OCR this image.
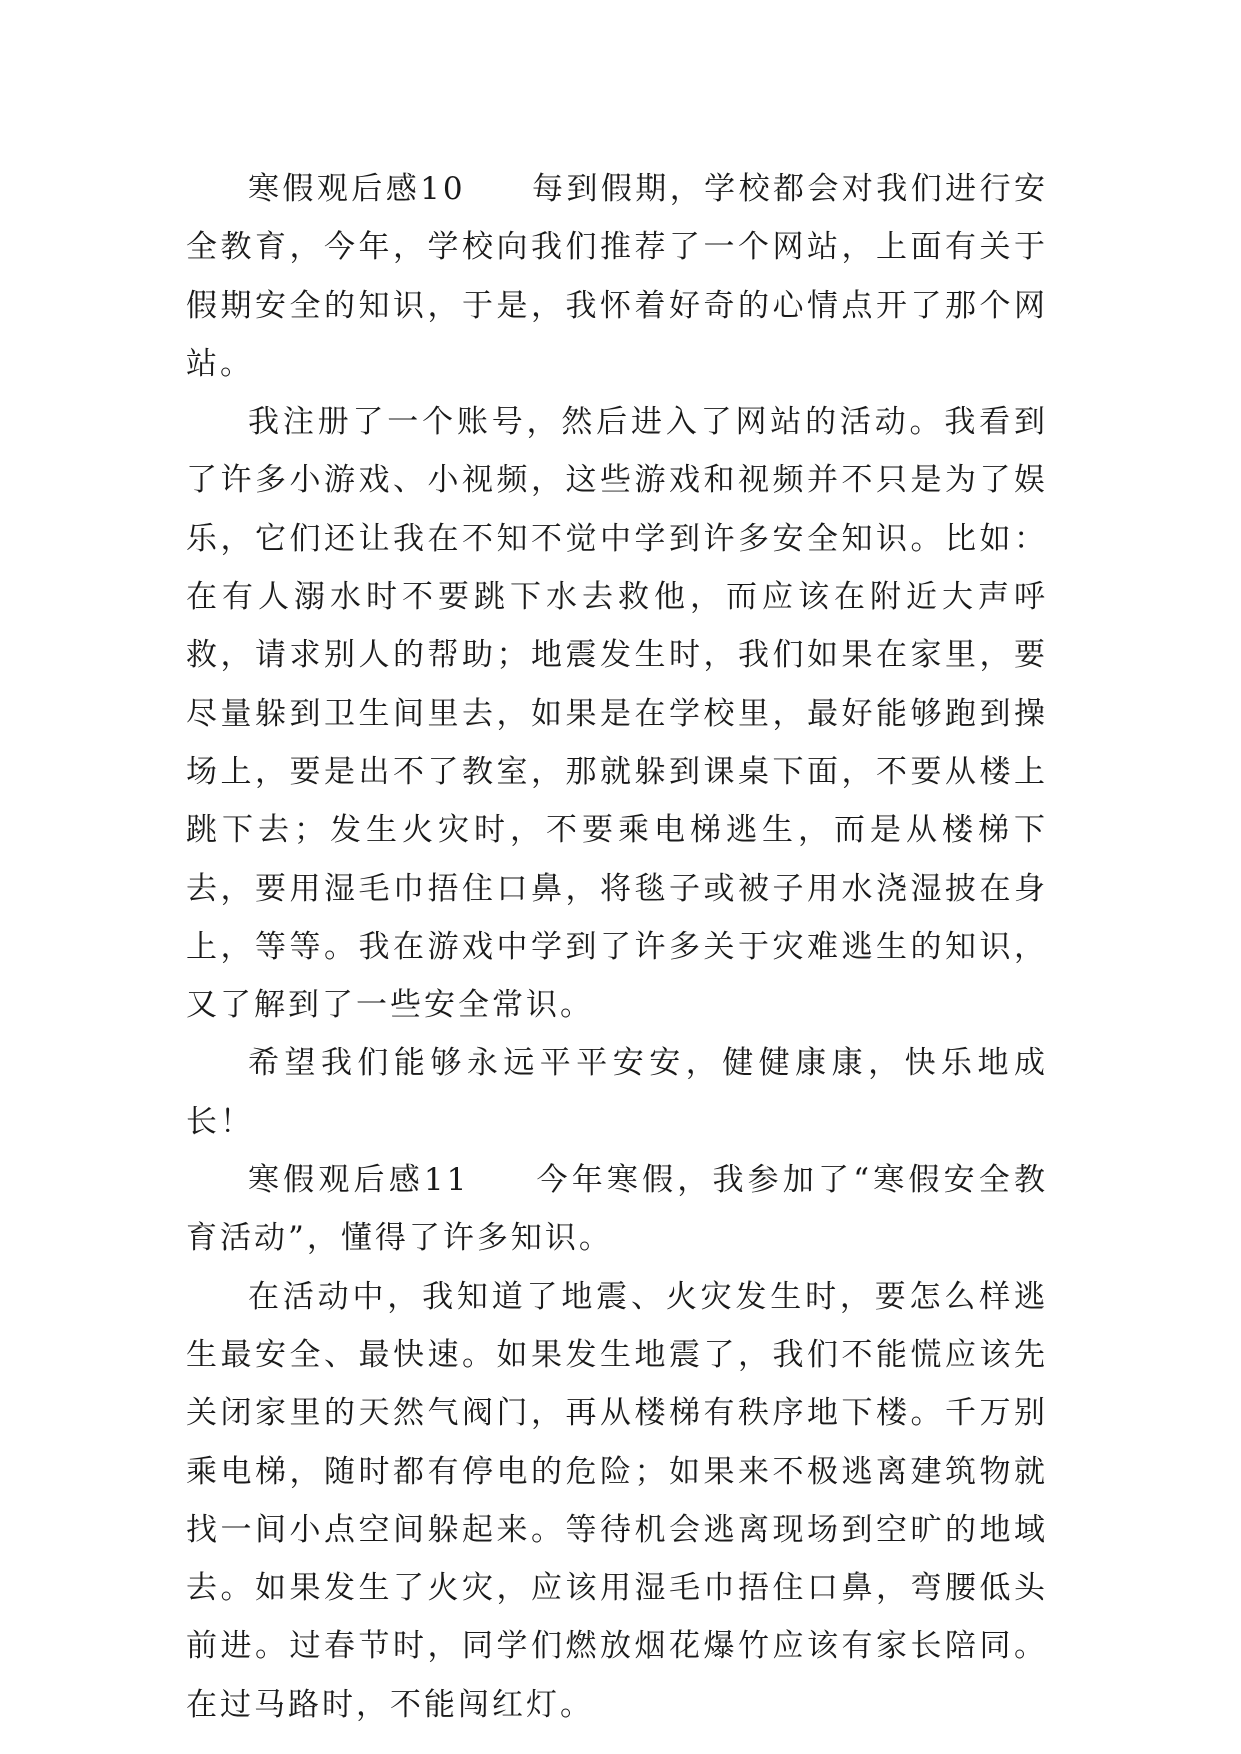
寒假观后感10 每到假期，学校都会对我们进行安全教育，今年，学校向我们推荐了一个网站，上面有关于假期安全的知识，于是，我怀着好奇的心情点开了那个网站。

我注册了一个账号，然后进入了网站的活动。我看到了许多小游戏、小视频，这些游戏和视频并不只是为了娱乐，它们还让我在不知不觉中学到许多安全知识。比如：在有人溺水时不要跳下水去救他，而应该在附近大声呼救，请求别人的帮助；地震发生时，我们如果在家里，要尽量躲到卫生间里去，如果是在学校里，最好能够跑到操场上，要是出不了教室，那就躲到课桌下面，不要从楼上跳下去；发生火灾时，不要乘电梯逃生，而是从楼梯下去，要用湿毛巾捂住口鼻，将毯子或被子用水浇湿披在身上，等等。我在游戏中学到了许多关于灾难逃生的知识，又了解到了一些安全常识。

希望我们能够永远平平安安，健健康康，快乐地成长！

寒假观后感11 今年寒假，我参加了“寒假安全教育活动”，懂得了许多知识。

在活动中，我知道了地震、火灾发生时，要怎么样逃生最安全、最快速。如果发生地震了，我们不能慌应该先关闭家里的天然气阀门，再从楼梯有秩序地下楼。千万别乘电梯，随时都有停电的危险；如果来不极逃离建筑物就找一间小点空间躲起来。等待机会逃离现场到空旷的地域去。如果发生了火灾，应该用湿毛巾捂住口鼻，弯腰低头前进。过春节时，同学们燃放烟花爆竹应该有家长陪同。在过马路时，不能闯红灯。
